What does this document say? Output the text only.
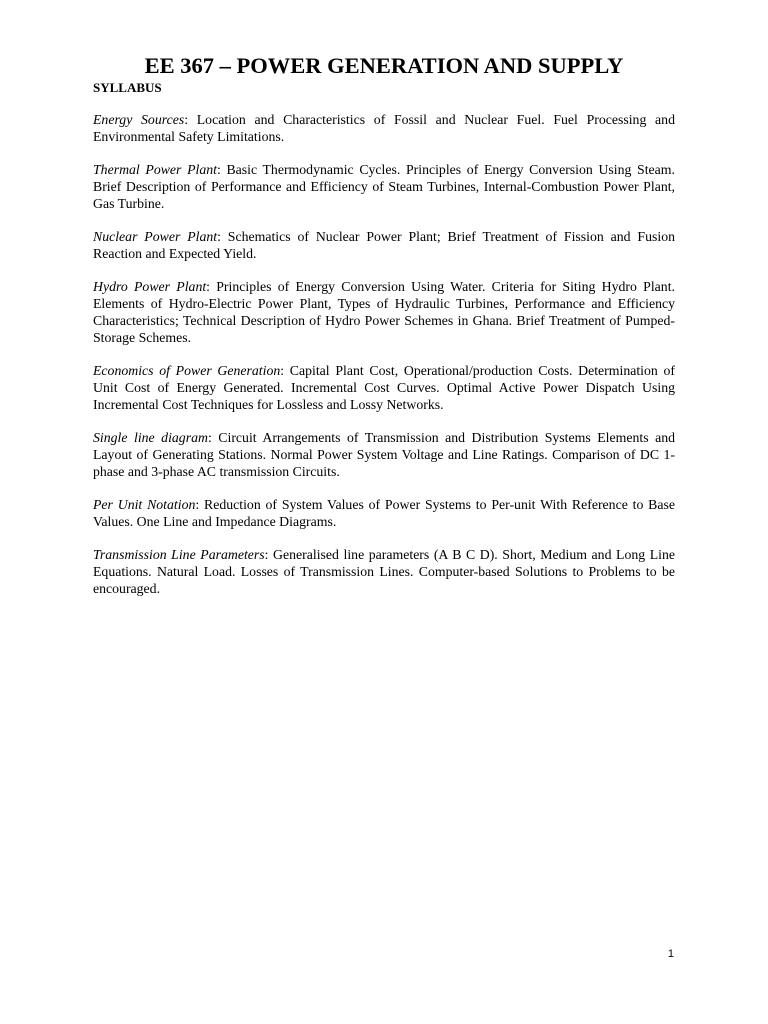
EE 367 – POWER GENERATION AND SUPPLY
SYLLABUS

Energy Sources: Location and Characteristics of Fossil and Nuclear Fuel. Fuel Processing and Environmental Safety Limitations.

Thermal Power Plant: Basic Thermodynamic Cycles. Principles of Energy Conversion Using Steam. Brief Description of Performance and Efficiency of Steam Turbines, Internal-Combustion Power Plant, Gas Turbine.

Nuclear Power Plant: Schematics of Nuclear Power Plant; Brief Treatment of Fission and Fusion Reaction and Expected Yield.

Hydro Power Plant: Principles of Energy Conversion Using Water. Criteria for Siting Hydro Plant. Elements of Hydro-Electric Power Plant, Types of Hydraulic Turbines, Performance and Efficiency Characteristics; Technical Description of Hydro Power Schemes in Ghana. Brief Treatment of Pumped-Storage Schemes.

Economics of Power Generation: Capital Plant Cost, Operational/production Costs. Determination of Unit Cost of Energy Generated. Incremental Cost Curves. Optimal Active Power Dispatch Using Incremental Cost Techniques for Lossless and Lossy Networks.

Single line diagram: Circuit Arrangements of Transmission and Distribution Systems Elements and Layout of Generating Stations. Normal Power System Voltage and Line Ratings. Comparison of DC 1-phase and 3-phase AC transmission Circuits.

Per Unit Notation: Reduction of System Values of Power Systems to Per-unit With Reference to Base Values. One Line and Impedance Diagrams.

Transmission Line Parameters: Generalised line parameters (A B C D). Short, Medium and Long Line Equations. Natural Load. Losses of Transmission Lines. Computer-based Solutions to Problems to be encouraged.

1
